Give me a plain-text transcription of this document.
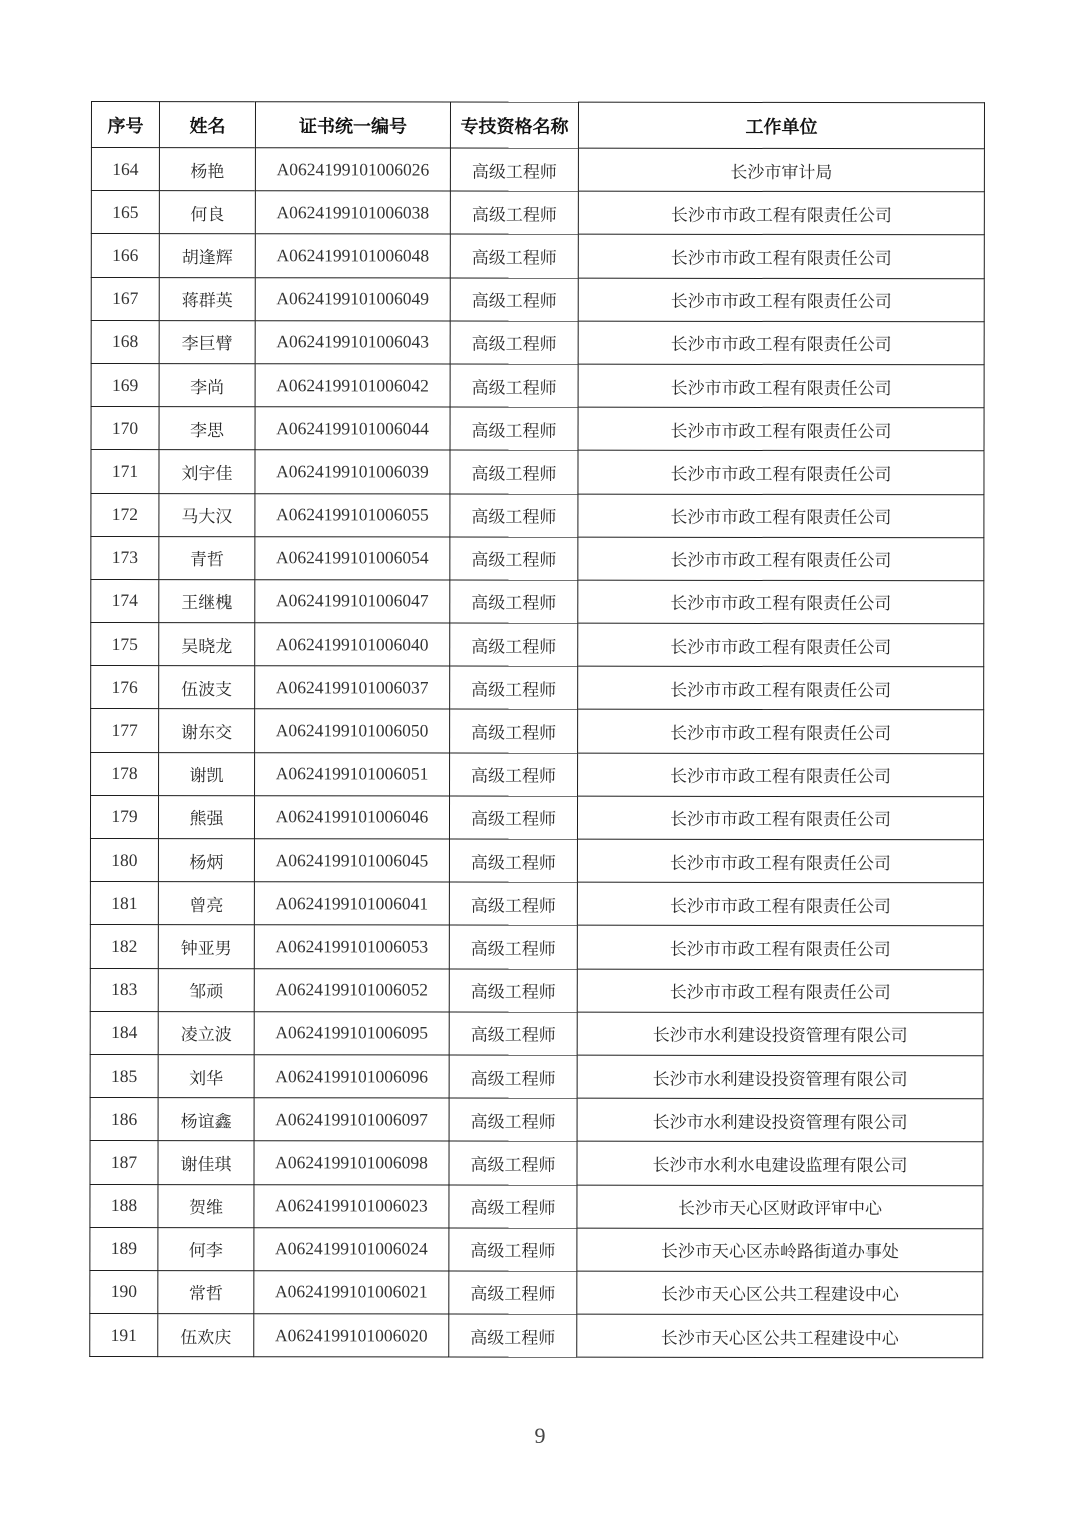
序号	姓名	证书统一编号	专技资格名称	工作单位
164	杨艳	A0624199101006026	高级工程师	长沙市审计局
165	何良	A0624199101006038	高级工程师	长沙市市政工程有限责任公司
166	胡逢辉	A0624199101006048	高级工程师	长沙市市政工程有限责任公司
167	蒋群英	A0624199101006049	高级工程师	长沙市市政工程有限责任公司
168	李巨臂	A0624199101006043	高级工程师	长沙市市政工程有限责任公司
169	李尚	A0624199101006042	高级工程师	长沙市市政工程有限责任公司
170	李思	A0624199101006044	高级工程师	长沙市市政工程有限责任公司
171	刘宇佳	A0624199101006039	高级工程师	长沙市市政工程有限责任公司
172	马大汉	A0624199101006055	高级工程师	长沙市市政工程有限责任公司
173	青哲	A0624199101006054	高级工程师	长沙市市政工程有限责任公司
174	王继槐	A0624199101006047	高级工程师	长沙市市政工程有限责任公司
175	吴晓龙	A0624199101006040	高级工程师	长沙市市政工程有限责任公司
176	伍波支	A0624199101006037	高级工程师	长沙市市政工程有限责任公司
177	谢东交	A0624199101006050	高级工程师	长沙市市政工程有限责任公司
178	谢凯	A0624199101006051	高级工程师	长沙市市政工程有限责任公司
179	熊强	A0624199101006046	高级工程师	长沙市市政工程有限责任公司
180	杨炳	A0624199101006045	高级工程师	长沙市市政工程有限责任公司
181	曾亮	A0624199101006041	高级工程师	长沙市市政工程有限责任公司
182	钟亚男	A0624199101006053	高级工程师	长沙市市政工程有限责任公司
183	邹顽	A0624199101006052	高级工程师	长沙市市政工程有限责任公司
184	凌立波	A0624199101006095	高级工程师	长沙市水利建设投资管理有限公司
185	刘华	A0624199101006096	高级工程师	长沙市水利建设投资管理有限公司
186	杨谊鑫	A0624199101006097	高级工程师	长沙市水利建设投资管理有限公司
187	谢佳琪	A0624199101006098	高级工程师	长沙市水利水电建设监理有限公司
188	贺维	A0624199101006023	高级工程师	长沙市天心区财政评审中心
189	何李	A0624199101006024	高级工程师	长沙市天心区赤岭路街道办事处
190	常哲	A0624199101006021	高级工程师	长沙市天心区公共工程建设中心
191	伍欢庆	A0624199101006020	高级工程师	长沙市天心区公共工程建设中心
9
